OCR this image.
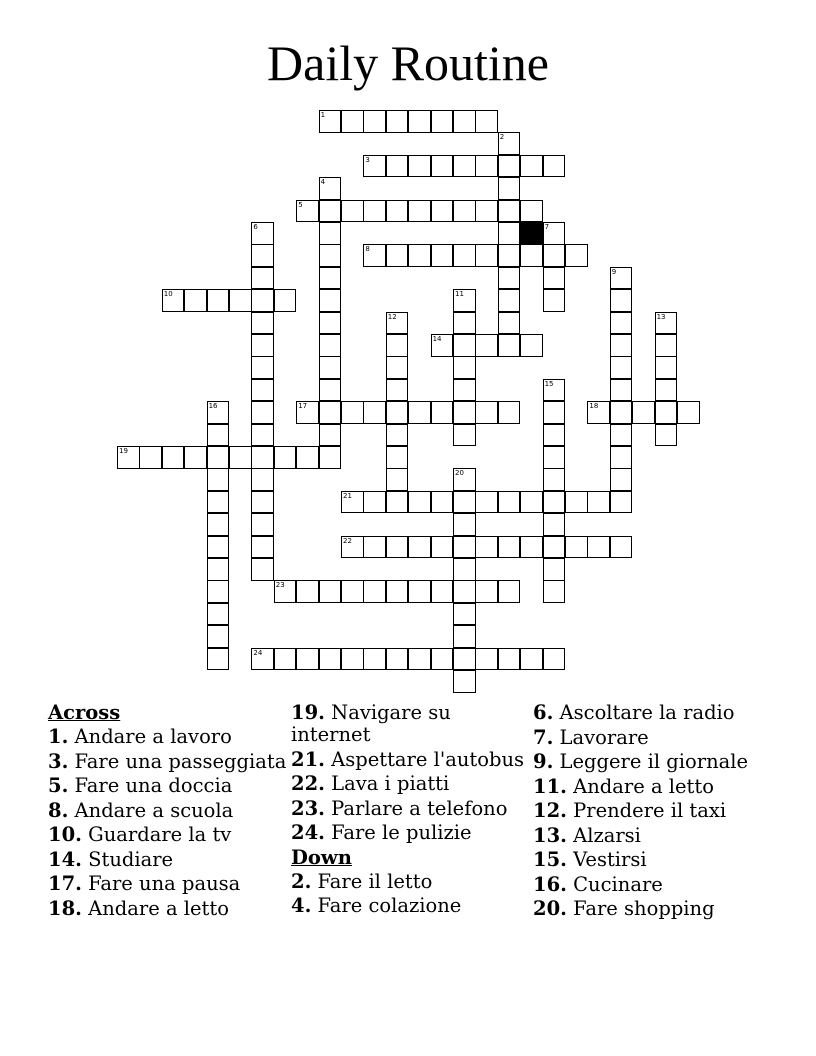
Daily Routine
1
3
5
7
8
10
14
17	18
19
21
22
23
24
2
4
6
9
11
12	13
15
16
20
Across
1. Andare a lavoro
3. Fare una passeggiata
5. Fare una doccia
8. Andare a scuola
10. Guardare la tv
14. Studiare
17. Fare una pausa
18. Andare a letto
19. Navigare su internet
21. Aspettare l'autobus
22. Lava i piatti
23. Parlare a telefono
24. Fare le pulizie
Down
2. Fare il letto
4. Fare colazione
6. Ascoltare la radio
7. Lavorare
9. Leggere il giornale
11. Andare a letto
12. Prendere il taxi
13. Alzarsi
15. Vestirsi
16. Cucinare
20. Fare shopping
